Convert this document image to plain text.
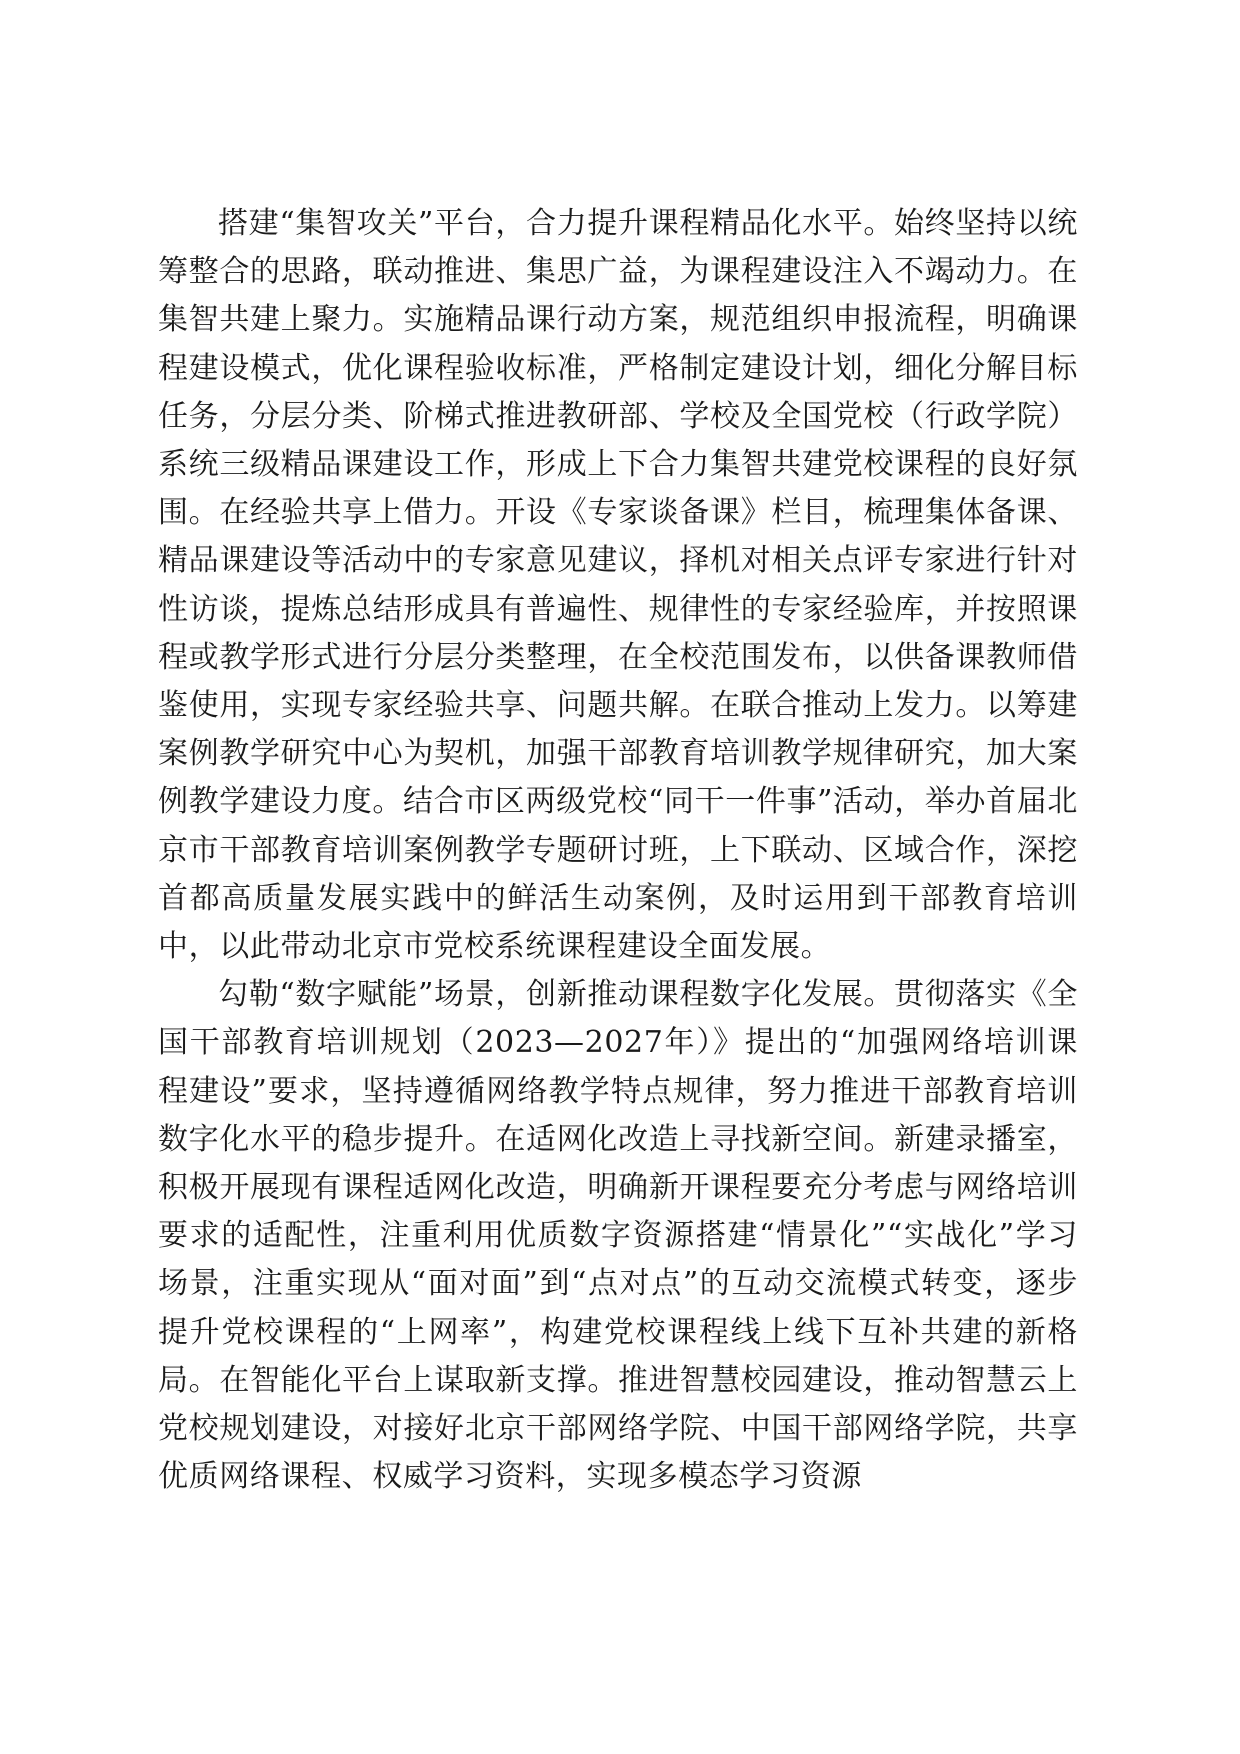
搭建“集智攻关”平台，合力提升课程精品化水平。始终坚持以统筹整合的思路，联动推进、集思广益，为课程建设注入不竭动力。在集智共建上聚力。实施精品课行动方案，规范组织申报流程，明确课程建设模式，优化课程验收标准，严格制定建设计划，细化分解目标任务，分层分类、阶梯式推进教研部、学校及全国党校（行政学院）系统三级精品课建设工作，形成上下合力集智共建党校课程的良好氛围。在经验共享上借力。开设《专家谈备课》栏目，梳理集体备课、精品课建设等活动中的专家意见建议，择机对相关点评专家进行针对性访谈，提炼总结形成具有普遍性、规律性的专家经验库，并按照课程或教学形式进行分层分类整理，在全校范围发布，以供备课教师借鉴使用，实现专家经验共享、问题共解。在联合推动上发力。以筹建案例教学研究中心为契机，加强干部教育培训教学规律研究，加大案例教学建设力度。结合市区两级党校“同干一件事”活动，举办首届北京市干部教育培训案例教学专题研讨班，上下联动、区域合作，深挖首都高质量发展实践中的鲜活生动案例，及时运用到干部教育培训中，以此带动北京市党校系统课程建设全面发展。

勾勒“数字赋能”场景，创新推动课程数字化发展。贯彻落实《全国干部教育培训规划（2023—2027年）》提出的“加强网络培训课程建设”要求，坚持遵循网络教学特点规律，努力推进干部教育培训数字化水平的稳步提升。在适网化改造上寻找新空间。新建录播室，积极开展现有课程适网化改造，明确新开课程要充分考虑与网络培训要求的适配性，注重利用优质数字资源搭建“情景化”“实战化”学习场景，注重实现从“面对面”到“点对点”的互动交流模式转变，逐步提升党校课程的“上网率”，构建党校课程线上线下互补共建的新格局。在智能化平台上谋取新支撑。推进智慧校园建设，推动智慧云上党校规划建设，对接好北京干部网络学院、中国干部网络学院，共享优质网络课程、权威学习资料，实现多模态学习资源
